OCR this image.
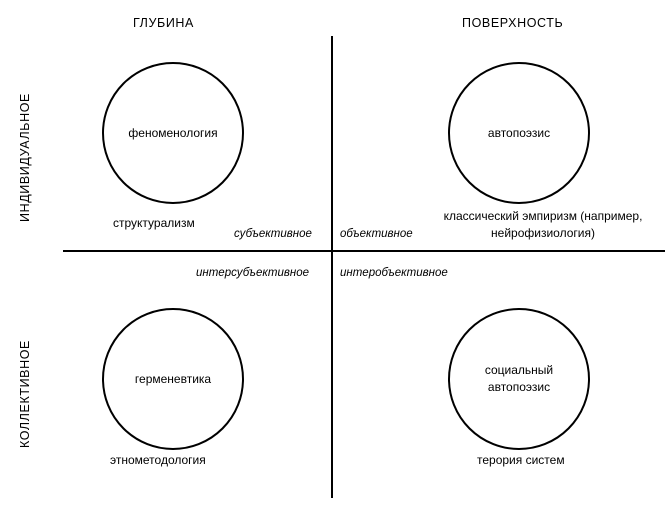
ГЛУБИНА	ПОВЕРХНОСТЬ
ИНДИВИДУАЛЬНОЕ
КОЛЛЕКТИВНОЕ
феноменология
структурализм
автопоэзис
классический эмпиризм (например, нейрофизиология)
герменевтика
этнометодология
социальный
автопоэзис
терория систем
субъективное объективное
интерсубъективное	интеробъективное
